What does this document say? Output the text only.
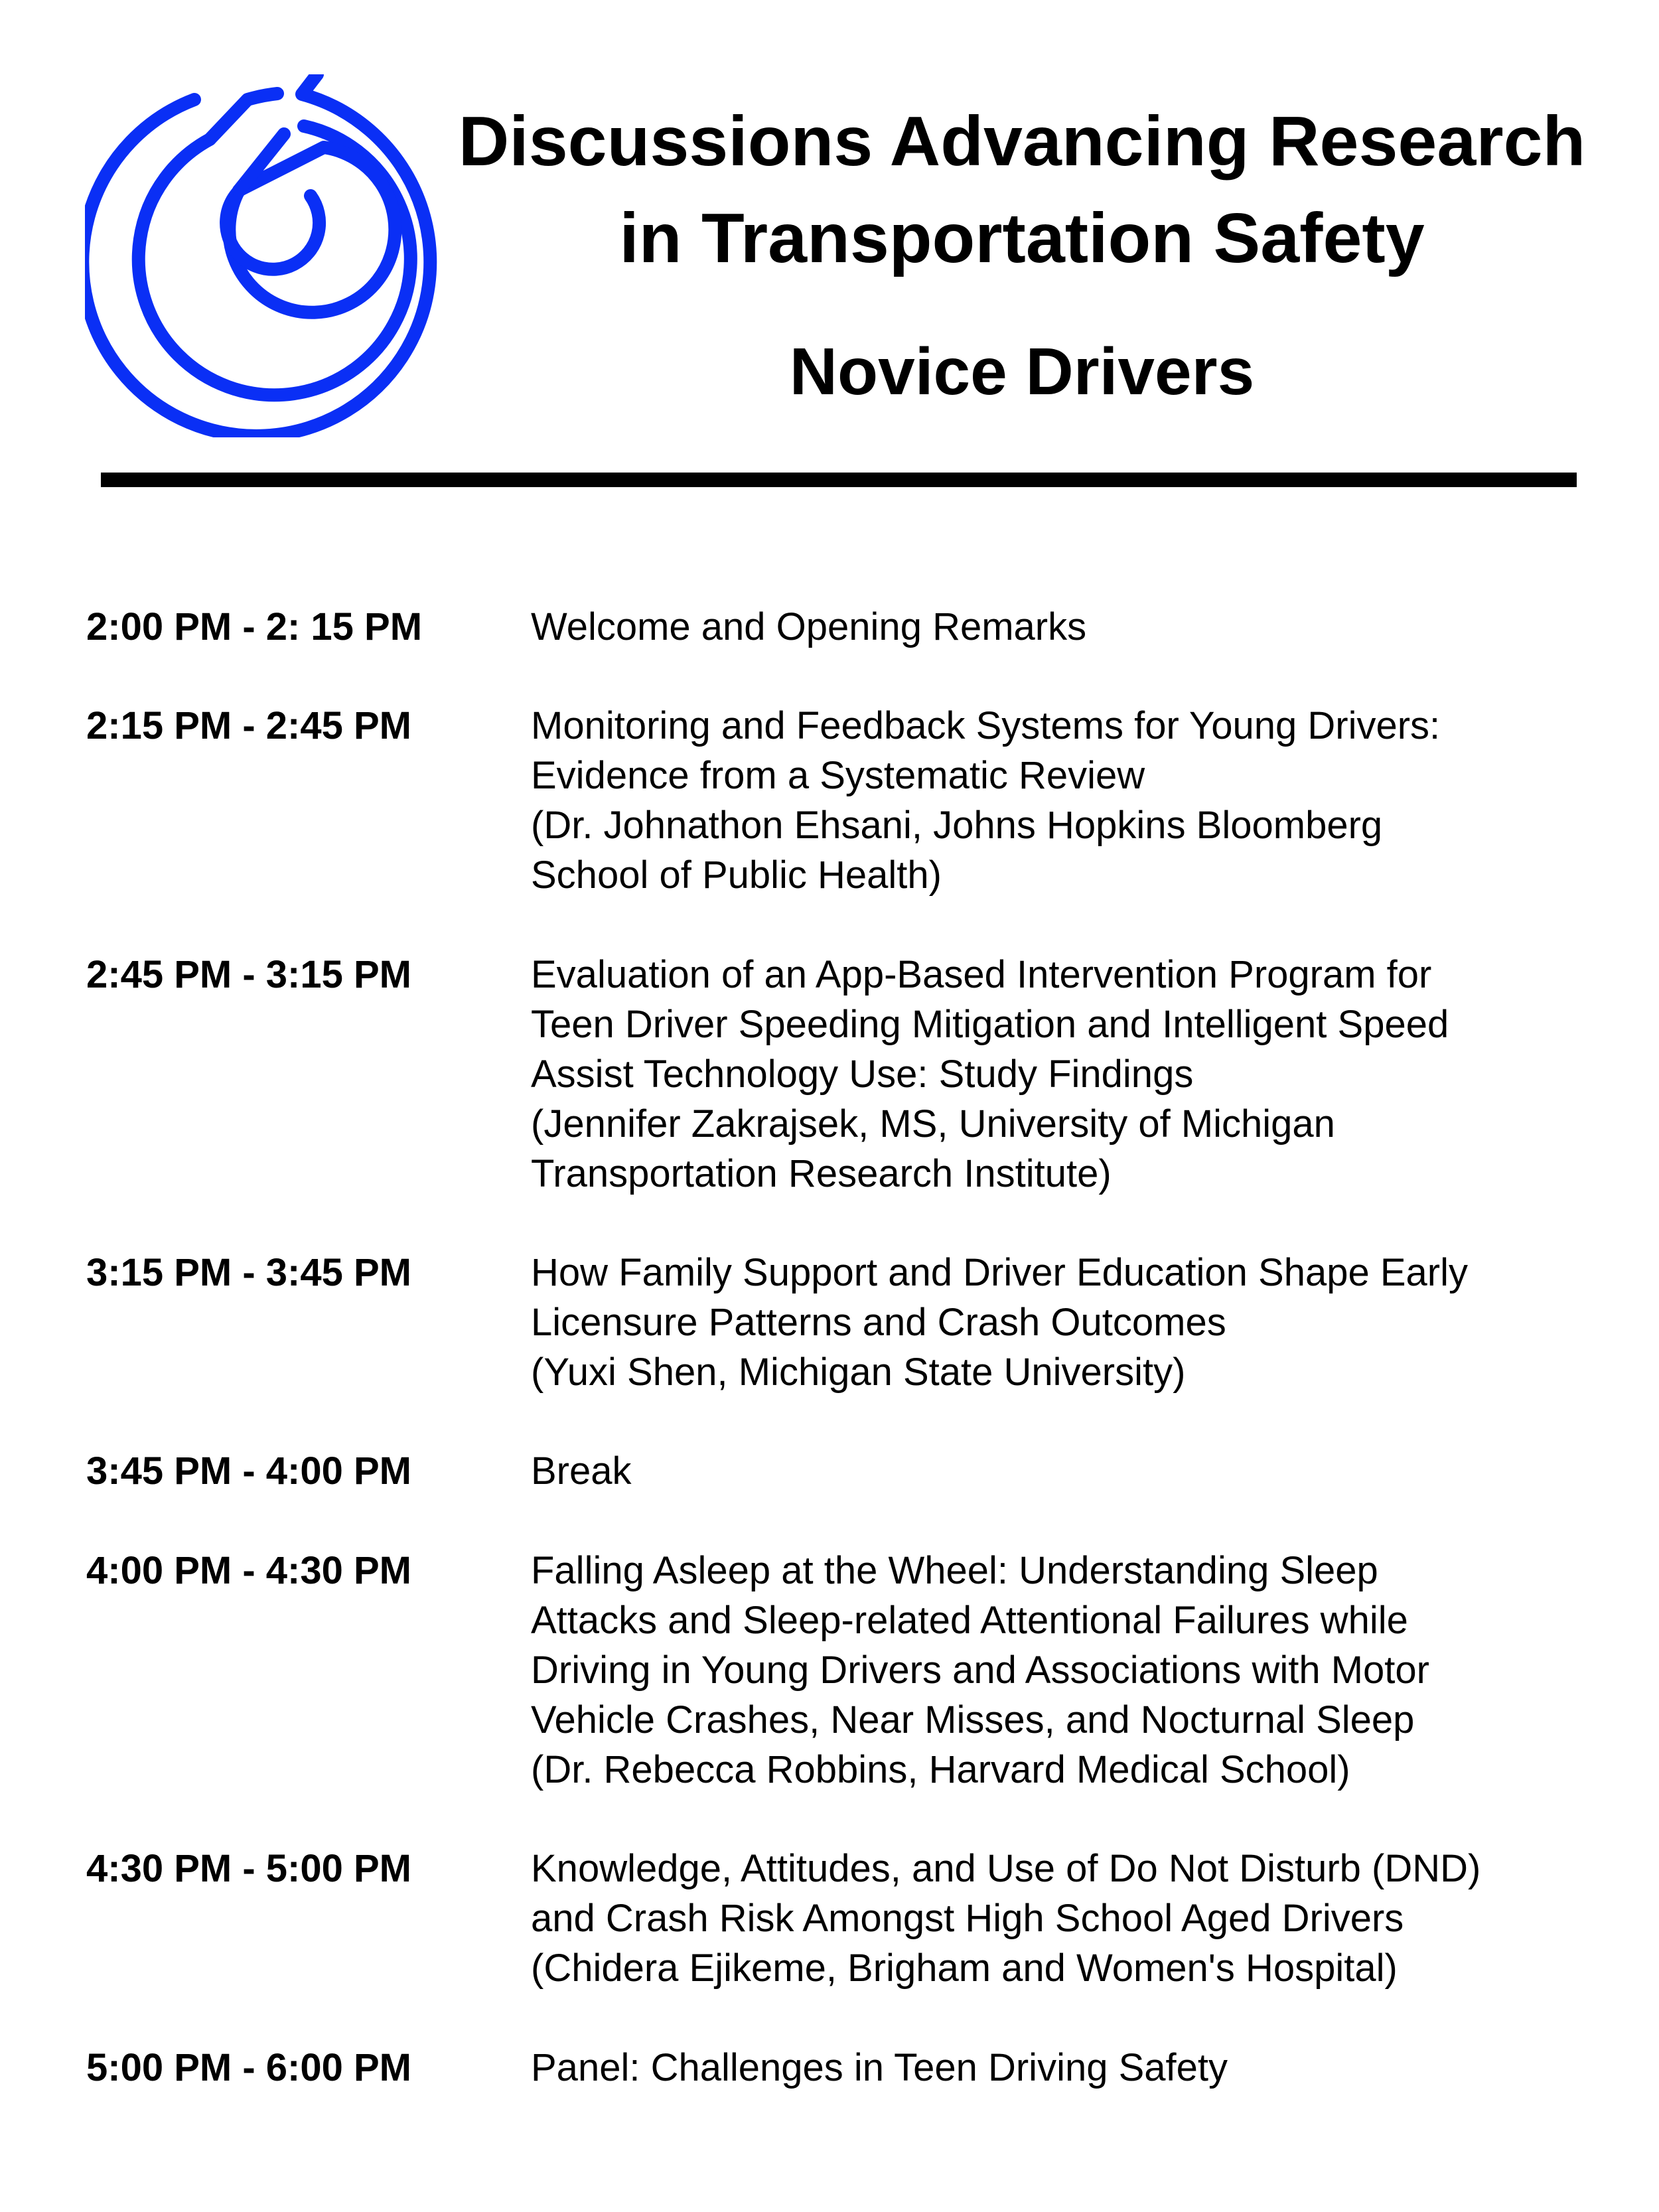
Discussions Advancing Research
in Transportation Safety
Novice Drivers
2:00 PM - 2: 15 PM	Welcome and Opening Remarks
2:15 PM - 2:45 PM	Monitoring and Feedback Systems for Young Drivers:
Evidence from a Systematic Review
(Dr. Johnathon Ehsani, Johns Hopkins Bloomberg
School of Public Health)
2:45 PM - 3:15 PM	Evaluation of an App-Based Intervention Program for
Teen Driver Speeding Mitigation and Intelligent Speed
Assist Technology Use: Study Findings
(Jennifer Zakrajsek, MS, University of Michigan
Transportation Research Institute)
3:15 PM - 3:45 PM	How Family Support and Driver Education Shape Early
Licensure Patterns and Crash Outcomes
(Yuxi Shen, Michigan State University)
3:45 PM - 4:00 PM	Break
4:00 PM - 4:30 PM	Falling Asleep at the Wheel: Understanding Sleep
Attacks and Sleep-related Attentional Failures while
Driving in Young Drivers and Associations with Motor
Vehicle Crashes, Near Misses, and Nocturnal Sleep
(Dr. Rebecca Robbins, Harvard Medical School)
4:30 PM - 5:00 PM	Knowledge, Attitudes, and Use of Do Not Disturb (DND)
and Crash Risk Amongst High School Aged Drivers
(Chidera Ejikeme, Brigham and Women's Hospital)
5:00 PM - 6:00 PM	Panel: Challenges in Teen Driving Safety
